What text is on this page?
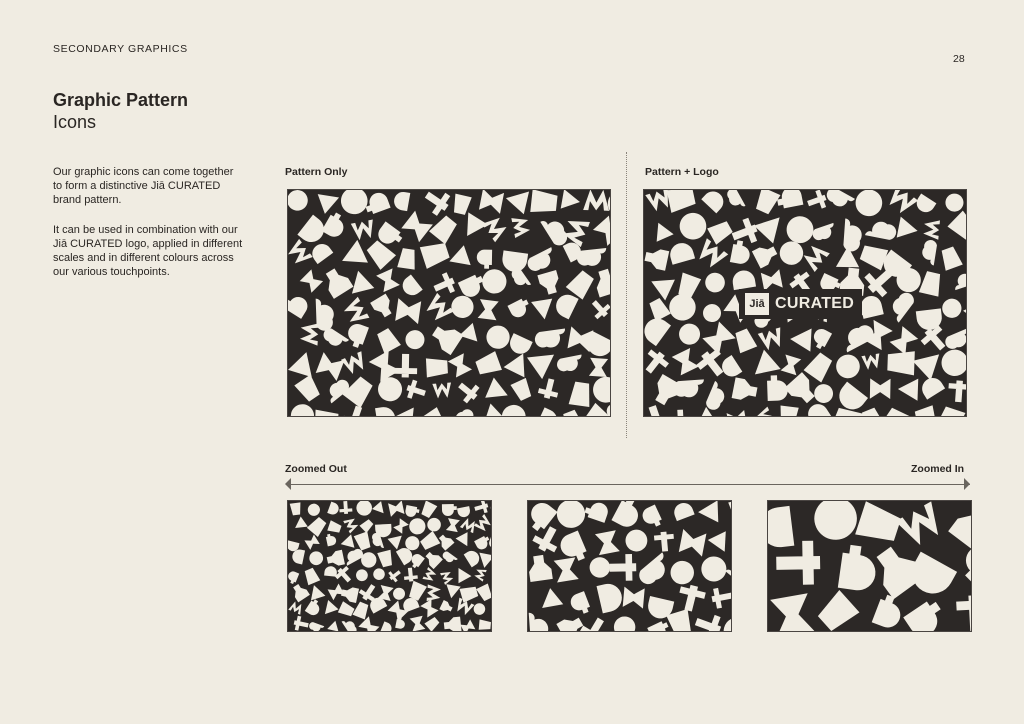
SECONDARY GRAPHICS
28
Graphic Pattern
Icons
Our graphic icons can come together to form a distinctive Jiā CURATED brand pattern.
It can be used in combination with our Jiā CURATED logo, applied in different scales and in different colours across our various touchpoints.
Pattern Only	Pattern + Logo
Jiā CURATED
Zoomed Out	Zoomed In
